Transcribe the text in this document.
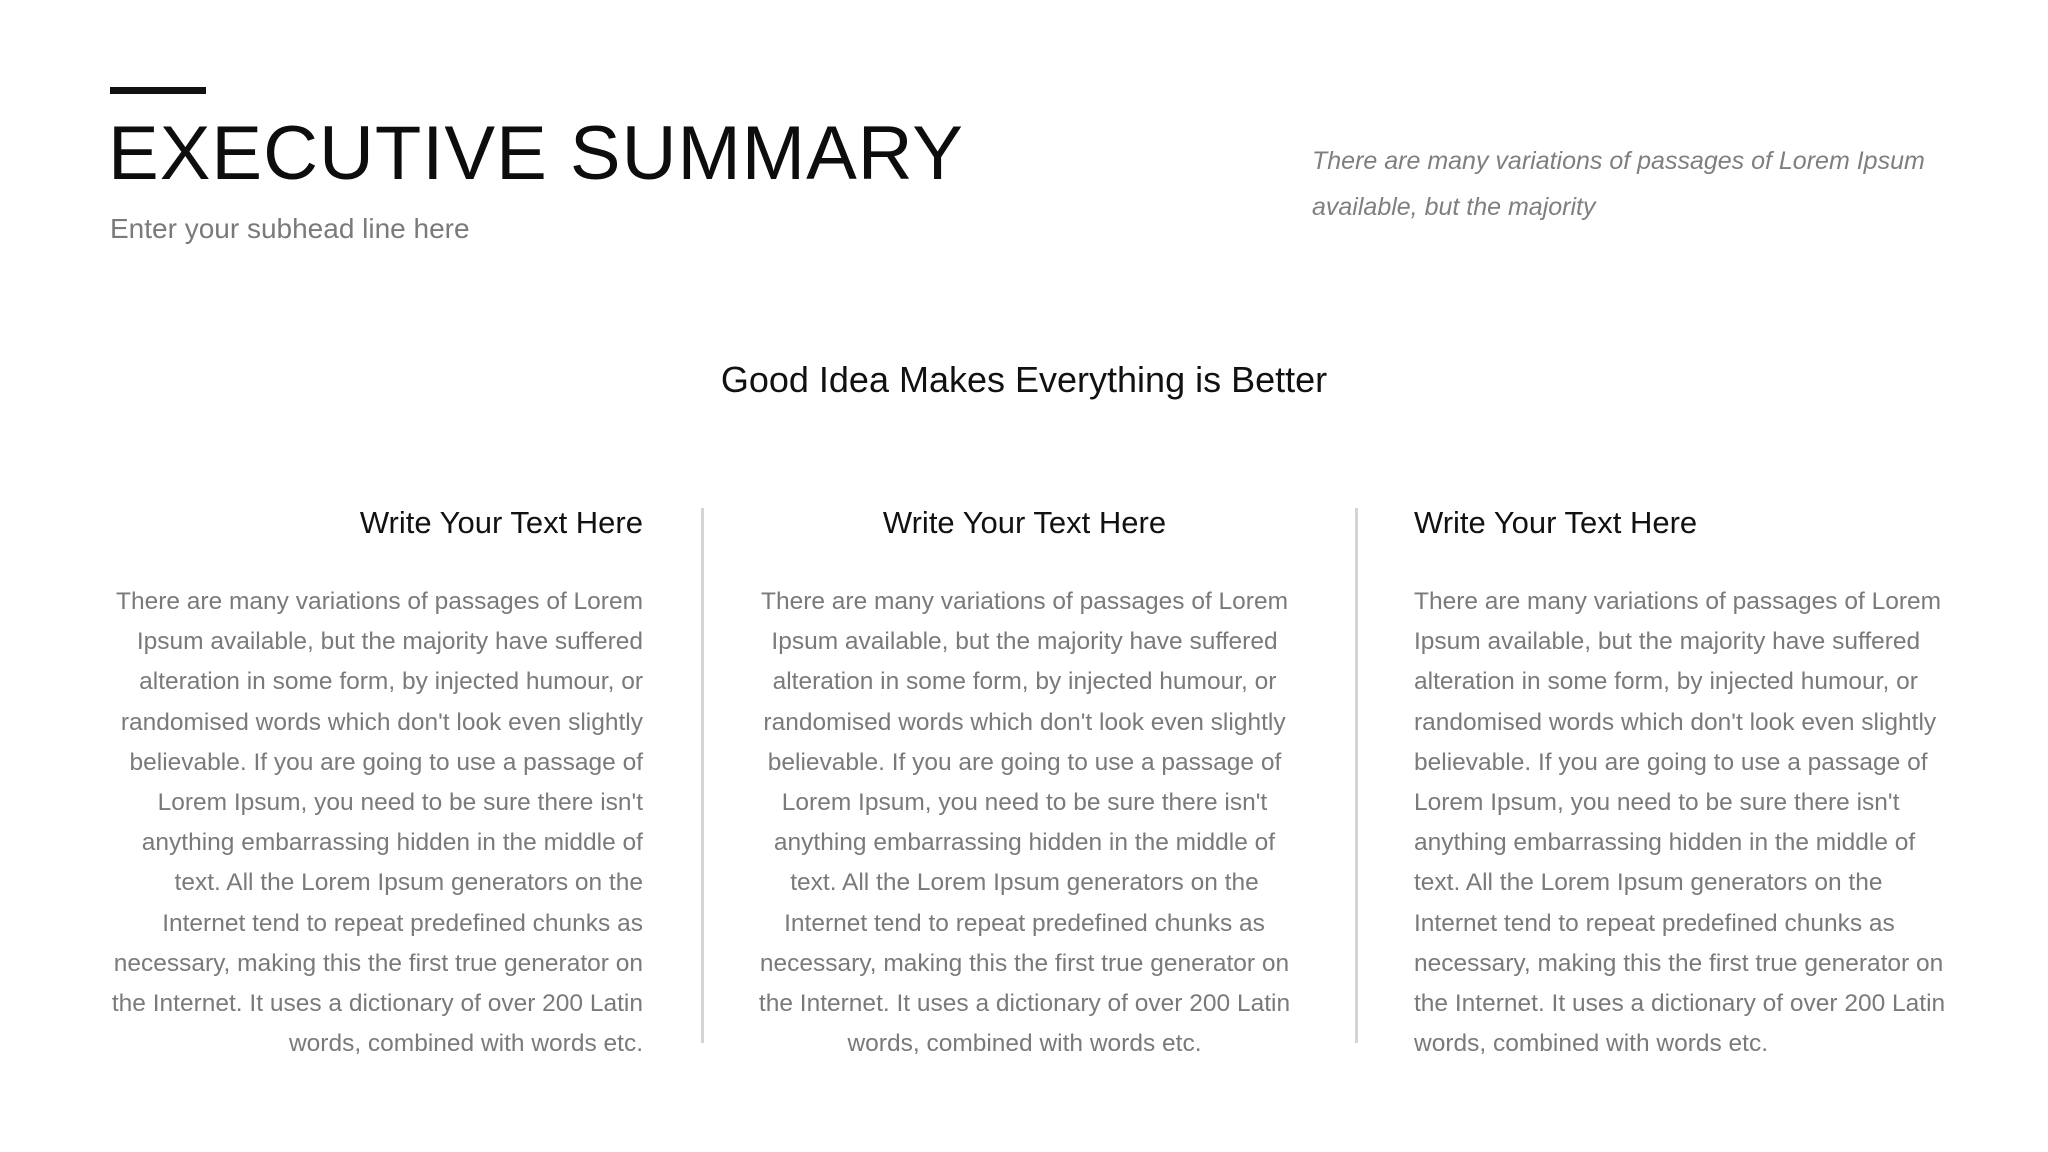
EXECUTIVE SUMMARY
Enter your subhead line here
There are many variations of passages of Lorem Ipsum available, but the majority
Good Idea Makes Everything is Better
Write Your Text Here

There are many variations of passages of Lorem Ipsum available, but the majority have suffered alteration in some form, by injected humour, or randomised words which don't look even slightly believable. If you are going to use a passage of Lorem Ipsum, you need to be sure there isn't anything embarrassing hidden in the middle of text. All the Lorem Ipsum generators on the Internet tend to repeat predefined chunks as necessary, making this the first true generator on the Internet. It uses a dictionary of over 200 Latin words, combined with words etc.

Write Your Text Here

There are many variations of passages of Lorem Ipsum available, but the majority have suffered alteration in some form, by injected humour, or randomised words which don't look even slightly believable. If you are going to use a passage of Lorem Ipsum, you need to be sure there isn't anything embarrassing hidden in the middle of text. All the Lorem Ipsum generators on the Internet tend to repeat predefined chunks as necessary, making this the first true generator on the Internet. It uses a dictionary of over 200 Latin words, combined with words etc.

Write Your Text Here

There are many variations of passages of Lorem Ipsum available, but the majority have suffered alteration in some form, by injected humour, or randomised words which don't look even slightly believable. If you are going to use a passage of Lorem Ipsum, you need to be sure there isn't anything embarrassing hidden in the middle of text. All the Lorem Ipsum generators on the Internet tend to repeat predefined chunks as necessary, making this the first true generator on the Internet. It uses a dictionary of over 200 Latin words, combined with words etc.
